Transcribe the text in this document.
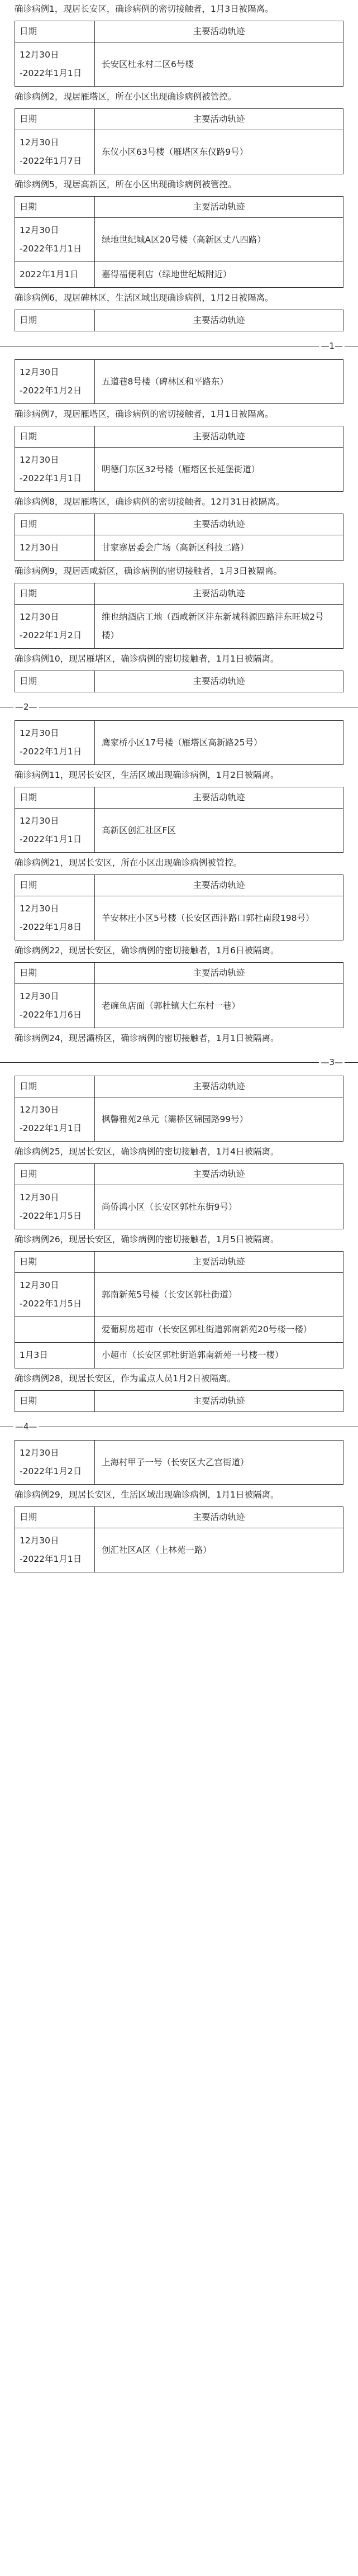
确诊病例1，现居长安区，确诊病例的密切接触者，1月3日被隔离。

日期	主要活动轨迹
12月30日
-2022年1月1日	长安区杜永村二区6号楼

确诊病例2，现居雁塔区，所在小区出现确诊病例被管控。

日期	主要活动轨迹
12月30日
-2022年1月7日	东仪小区63号楼（雁塔区东仪路9号）

确诊病例5，现居高新区，所在小区出现确诊病例被管控。

日期	主要活动轨迹
12月30日
-2022年1月1日	绿地世纪城A区20号楼（高新区丈八四路）
2022年1月1日	嘉得福便利店（绿地世纪城附近）

确诊病例6，现居碑林区，生活区域出现确诊病例，1月2日被隔离。

日期	主要活动轨迹
—1—
12月30日
-2022年1月2日	五道巷8号楼（碑林区和平路东）

确诊病例7，现居雁塔区，确诊病例的密切接触者，1月1日被隔离。

日期	主要活动轨迹
12月30日
-2022年1月1日	明德门东区32号楼（雁塔区长延堡街道）

确诊病例8，现居雁塔区，确诊病例的密切接触者。12月31日被隔离。

日期	主要活动轨迹
12月30日	甘家寨居委会广场（高新区科技二路）

确诊病例9，现居西咸新区，确诊病例的密切接触者，1月3日被隔离。

日期	主要活动轨迹
12月30日
-2022年1月2日	维也纳酒店工地（西咸新区沣东新城科源四路沣东旺城2号楼）

确诊病例10，现居雁塔区，确诊病例的密切接触者，1月1日被隔离。

日期	主要活动轨迹
—2—
12月30日
-2022年1月1日	鹰家桥小区17号楼（雁塔区高新路25号）

确诊病例11，现居长安区，生活区域出现确诊病例，1月2日被隔离。

日期	主要活动轨迹
12月30日
-2022年1月1日	高新区创汇社区F区

确诊病例21，现居长安区，所在小区出现确诊病例被管控。

日期	主要活动轨迹
12月30日
-2022年1月8日	羊安林庄小区5号楼（长安区西沣路口郭杜南段198号）

确诊病例22，现居长安区，确诊病例的密切接触者，1月6日被隔离。

日期	主要活动轨迹
12月30日
-2022年1月6日	老碗鱼店面（郭杜镇大仁东村一巷）

确诊病例24，现居灞桥区，确诊病例的密切接触者，1月1日被隔离。

—3—
日期	主要活动轨迹
12月30日
-2022年1月1日	枫馨雅苑2单元（灞桥区锦园路99号）

确诊病例25，现居长安区，确诊病例的密切接触者，1月4日被隔离。

日期	主要活动轨迹
12月30日
-2022年1月5日	尚侨鸿小区（长安区郭杜东街9号）

确诊病例26，现居长安区，确诊病例的密切接触者，1月5日被隔离。

日期	主要活动轨迹
12月30日
-2022年1月5日	郭南新苑5号楼（长安区郭杜街道）
	爱葡厨房超市（长安区郭杜街道郭南新苑20号楼一楼）
1月3日	小超市（长安区郭杜街道郭南新苑一号楼一楼）

确诊病例28，现居长安区，作为重点人员1月2日被隔离。

日期	主要活动轨迹
—4—
12月30日
-2022年1月2日	上海村甲子一号（长安区大乙宫街道）

确诊病例29，现居长安区，生活区域出现确诊病例，1月1日被隔离。

日期	主要活动轨迹
12月30日
-2022年1月1日	创汇社区A区（上林苑一路）
